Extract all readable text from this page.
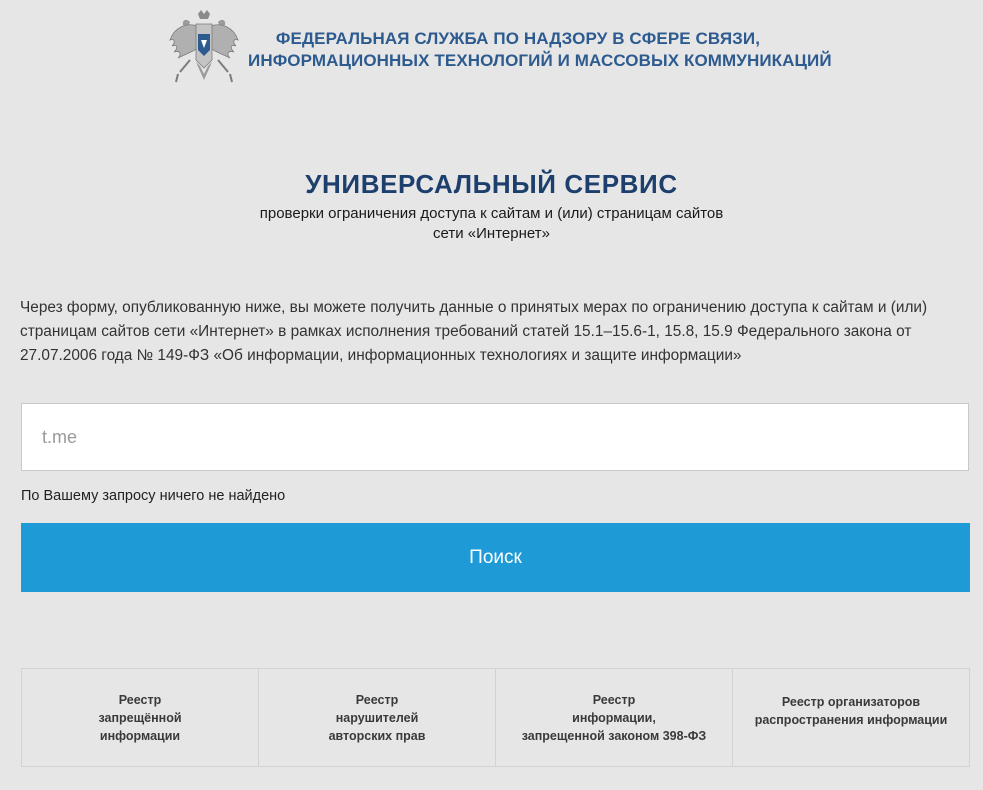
ФЕДЕРАЛЬНАЯ СЛУЖБА ПО НАДЗОРУ В СФЕРЕ СВЯЗИ,
ИНФОРМАЦИОННЫХ ТЕХНОЛОГИЙ И МАССОВЫХ КОММУНИКАЦИЙ
УНИВЕРСАЛЬНЫЙ СЕРВИС
проверки ограничения доступа к сайтам и (или) страницам сайтов
сети «Интернет»
Через форму, опубликованную ниже, вы можете получить данные о принятых мерах по ограничению доступа к сайтам и (или) страницам сайтов сети «Интернет» в рамках исполнения требований статей 15.1–15.6-1, 15.8, 15.9 Федерального закона от 27.07.2006 года № 149-ФЗ «Об информации, информационных технологиях и защите информации»
t.me
По Вашему запросу ничего не найдено
Поиск
Реестр
запрещённой
информации
Реестр
нарушителей
авторских прав
Реестр
информации,
запрещенной законом 398-ФЗ
Реестр организаторов
распространения информации
